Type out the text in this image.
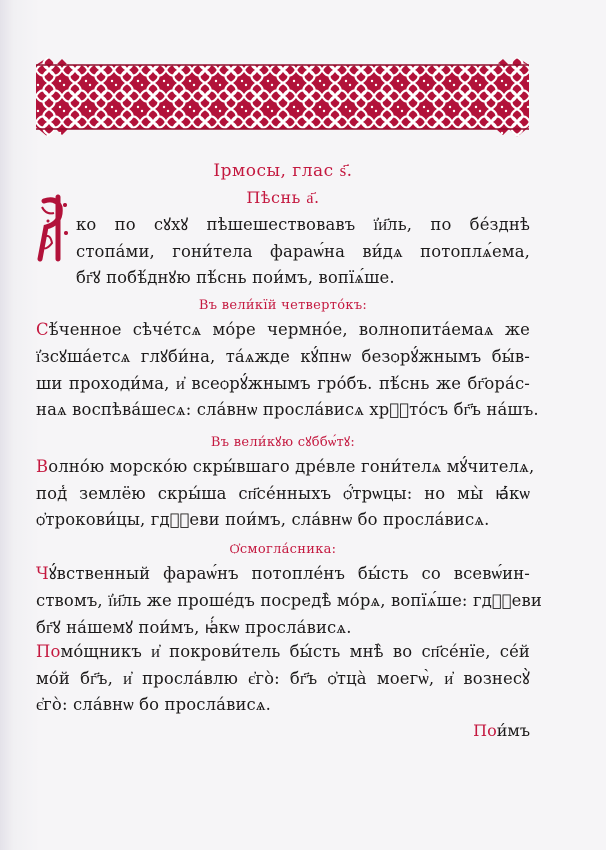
Ірмосы, глас ѕ҃.
Пѣснь а҃.
ко по сꙋхꙋ пѣшешествовавъ ї҆и҃ль, по бе́зднѣ
стопа́ми, гони́тела фараѡ́на ви́дѧ потоплѧ́ема,
бг҃ꙋ побѣ́днꙋю пѣ́снь пои́мъ, вопїѧ́ше.
Въ вели́кїй четверто́къ:
Сѣ́ченное сѣче́тсѧ мо́ре чермно́е, волнопита́емаѧ же
ї҆зсꙋша́етсѧ глꙋби́на, та́ѧжде кꙋ́пнѡ безѻрꙋ́жнымъ бы́в-
ши проходи́ма, и҆ всеѻрꙋ́жнымъ гро́бъ. пѣ́снь же бг҃ора́с-
наѧ воспѣва́шесѧ: сла́внѡ просла́висѧ хрⷭ҇то́съ бг҃ъ на́шъ.
Въ вели́кꙋю сꙋббѡ́тꙋ:
Волно́ю морско́ю скры́вшаго дре́вле гони́телѧ мꙋ́чителѧ,
под̾ землёю скры́ша сп҃се́нныхъ ѻ҆́трѡцы: но мы̀ ꙗ҆́кѡ
ѻ҆трокови́цы, гдⷭ҇еви пои́мъ, сла́внѡ бо просла́висѧ.
Ѻ҆смогла́сника:
Чꙋ́вственный фараѡ́нъ потопле́нъ бы́сть со всевѡ́ин-
ствомъ, ї҆и҃ль же проше́дъ посредѣ̀ мо́рѧ, вопїѧ́ше: гдⷭ҇еви
бг҃ꙋ на́шемꙋ пои́мъ, ꙗ҆́кѡ просла́висѧ.
Помо́щникъ и҆ покрови́тель бы́сть мнѣ̀ во сп҃се́нїе, се́й
мо́й бг҃ъ, и҆ просла́влю є҆го̀: бг҃ъ ѻ҆тца̀ моегѡ̀, и҆ вознесꙋ̀
є҆го̀: сла́внѡ бо просла́висѧ.
Пои́мъ
